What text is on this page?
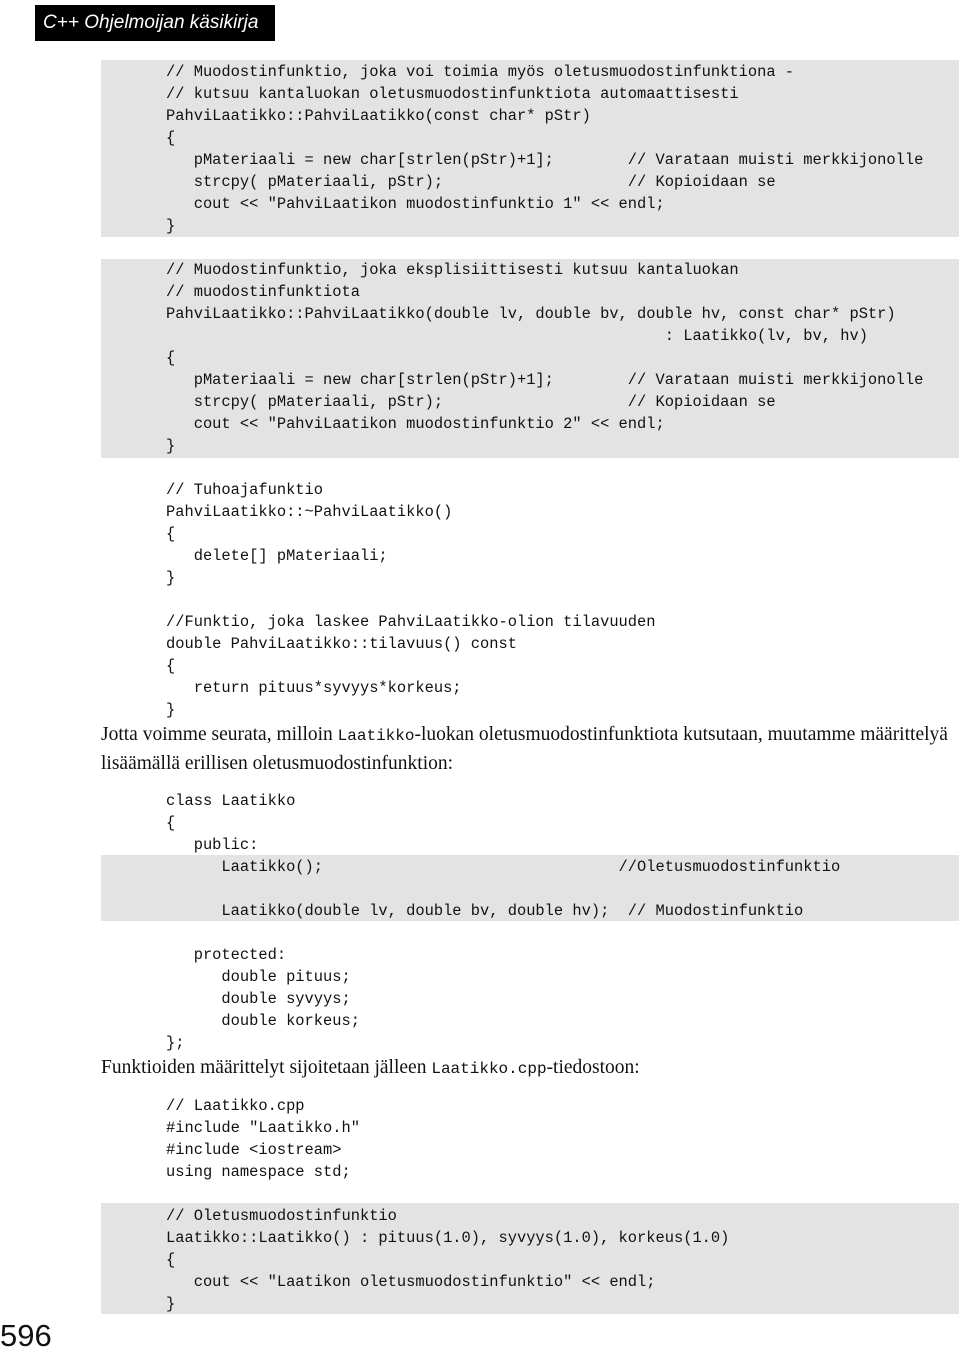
C++ Ohjelmoijan käsikirja
// Muodostinfunktio, joka voi toimia myös oletusmuodostinfunktiona -
// kutsuu kantaluokan oletusmuodostinfunktiota automaattisesti
PahviLaatikko::PahviLaatikko(const char* pStr)
{
pMateriaali = new char[strlen(pStr)+1];        // Varataan muisti merkkijonolle
strcpy( pMateriaali, pStr);                    // Kopioidaan se
cout << "PahviLaatikon muodostinfunktio 1" << endl;
}
// Muodostinfunktio, joka eksplisiittisesti kutsuu kantaluokan
// muodostinfunktiota
PahviLaatikko::PahviLaatikko(double lv, double bv, double hv, const char* pStr)
: Laatikko(lv, bv, hv)
{
pMateriaali = new char[strlen(pStr)+1];        // Varataan muisti merkkijonolle
strcpy( pMateriaali, pStr);                    // Kopioidaan se
cout << "PahviLaatikon muodostinfunktio 2" << endl;
}
// Tuhoajafunktio
PahviLaatikko::~PahviLaatikko()
{
delete[] pMateriaali;
}
//Funktio, joka laskee PahviLaatikko-olion tilavuuden
double PahviLaatikko::tilavuus() const
{
return pituus*syvyys*korkeus;
}

Jotta voimme seurata, milloin Laatikko-luokan oletusmuodostinfunktiota kutsutaan, muutamme määrittelyä lisäämällä erillisen oletusmuodostinfunktion:

class Laatikko
{
public:
Laatikko();                                //Oletusmuodostinfunktio
Laatikko(double lv, double bv, double hv);  // Muodostinfunktio
protected:
double pituus;
double syvyys;
double korkeus;
};

Funktioiden määrittelyt sijoitetaan jälleen Laatikko.cpp-tiedostoon:

// Laatikko.cpp
#include "Laatikko.h"
#include <iostream>
using namespace std;
// Oletusmuodostinfunktio
Laatikko::Laatikko() : pituus(1.0), syvyys(1.0), korkeus(1.0)
{
cout << "Laatikon oletusmuodostinfunktio" << endl;
}
596
